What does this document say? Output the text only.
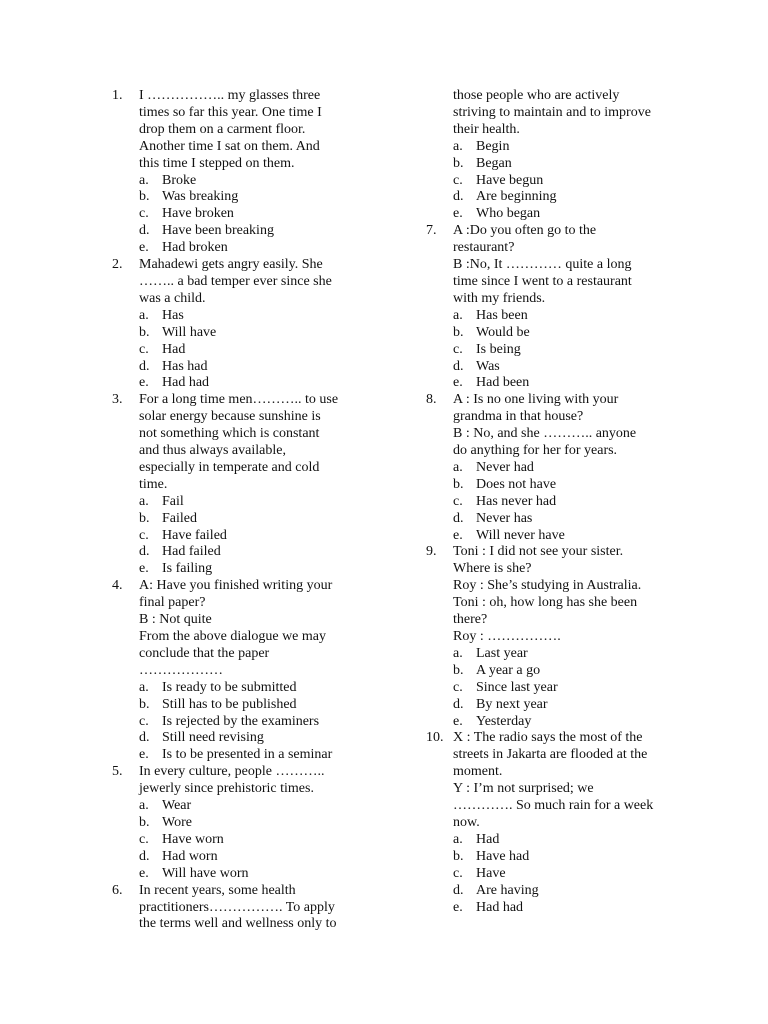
1. I …………….. my glasses three
times so far this year. One time I
drop them on a carment floor.
Another time I sat on them. And
this time I stepped on them.
a. Broke
b. Was breaking
c. Have broken
d. Have been breaking
e. Had broken
2. Mahadewi gets angry easily. She
…….. a bad temper ever since she
was a child.
a. Has
b. Will have
c. Had
d. Has had
e. Had had
3. For a long time men……….. to use
solar energy because sunshine is
not something which is constant
and thus always available,
especially in temperate and cold
time.
a. Fail
b. Failed
c. Have failed
d. Had failed
e. Is failing
4. A: Have you finished writing your
final paper?
B : Not quite
From the above dialogue we may
conclude that the paper
………………
a. Is ready to be submitted
b. Still has to be published
c. Is rejected by the examiners
d. Still need revising
e. Is to be presented in a seminar
5. In every culture, people ………..
jewerly since prehistoric times.
a. Wear
b. Wore
c. Have worn
d. Had worn
e. Will have worn
6. In recent years, some health
practitioners……………. To apply
the terms well and wellness only to
those people who are actively
striving to maintain and to improve
their health.
a. Begin
b. Began
c. Have begun
d. Are beginning
e. Who began
7. A :Do you often go to the
restaurant?
B :No, It ………… quite a long
time since I went to a restaurant
with my friends.
a. Has been
b. Would be
c. Is being
d. Was
e. Had been
8. A : Is no one living with your
grandma in that house?
B : No, and she ……….. anyone
do anything for her for years.
a. Never had
b. Does not have
c. Has never had
d. Never has
e. Will never have
9. Toni : I did not see your sister.
Where is she?
Roy : She’s studying in Australia.
Toni : oh, how long has she been
there?
Roy : …………….
a. Last year
b. A year a go
c. Since last year
d. By next year
e. Yesterday
10. X : The radio says the most of the
streets in Jakarta are flooded at the
moment.
Y : I’m not surprised; we
…………. So much rain for a week
now.
a. Had
b. Have had
c. Have
d. Are having
e. Had had
